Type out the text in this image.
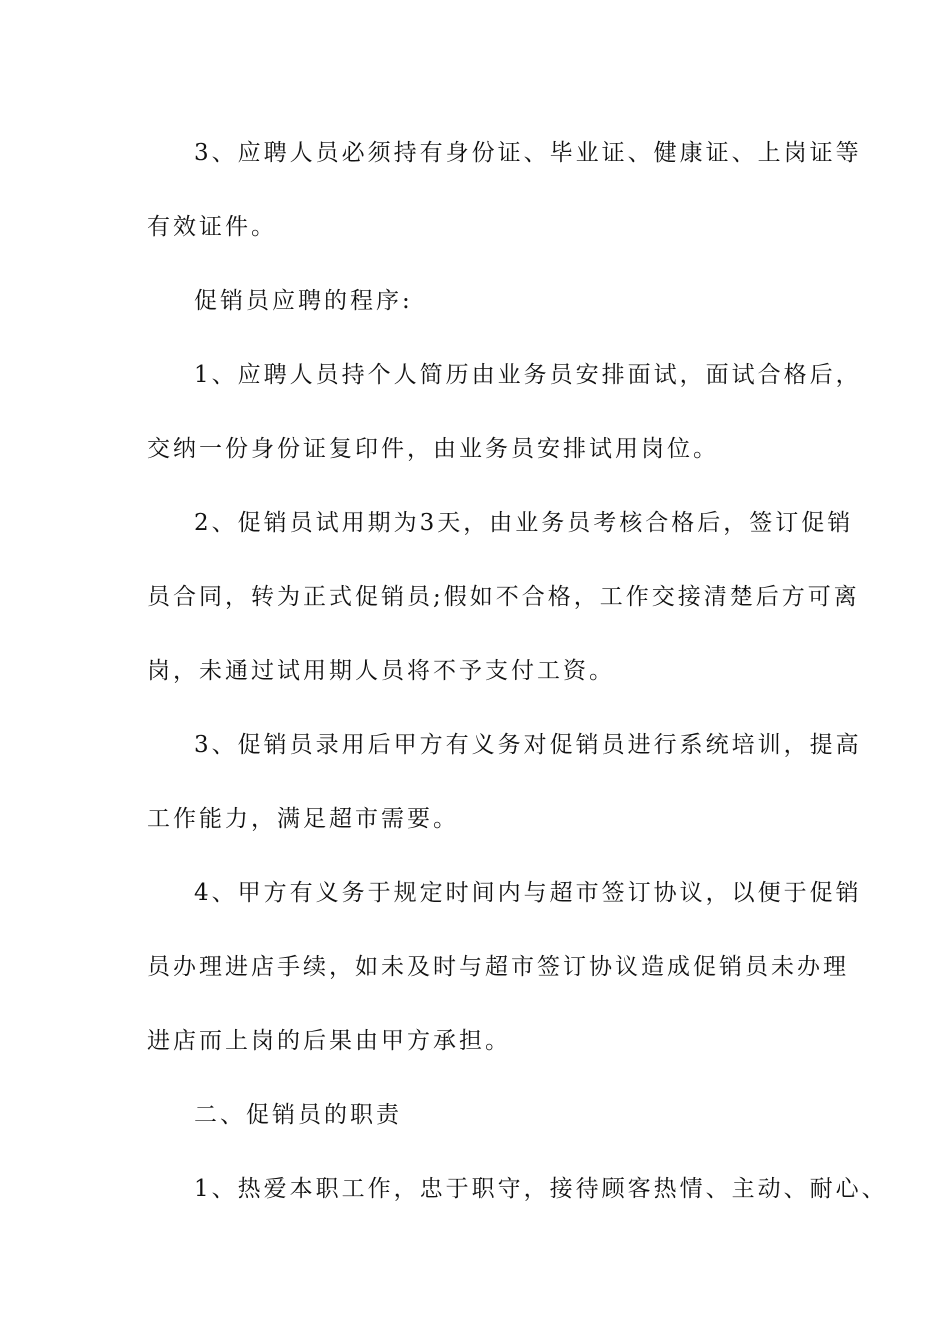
3、应聘人员必须持有身份证、毕业证、健康证、上岗证等
有效证件。
促销员应聘的程序:
1、应聘人员持个人简历由业务员安排面试，面试合格后，
交纳一份身份证复印件，由业务员安排试用岗位。
2、促销员试用期为3天，由业务员考核合格后，签订促销
员合同，转为正式促销员;假如不合格，工作交接清楚后方可离
岗，未通过试用期人员将不予支付工资。
3、促销员录用后甲方有义务对促销员进行系统培训，提高
工作能力，满足超市需要。
4、甲方有义务于规定时间内与超市签订协议，以便于促销
员办理进店手续，如未及时与超市签订协议造成促销员未办理
进店而上岗的后果由甲方承担。
二、促销员的职责
1、热爱本职工作，忠于职守，接待顾客热情、主动、耐心、
